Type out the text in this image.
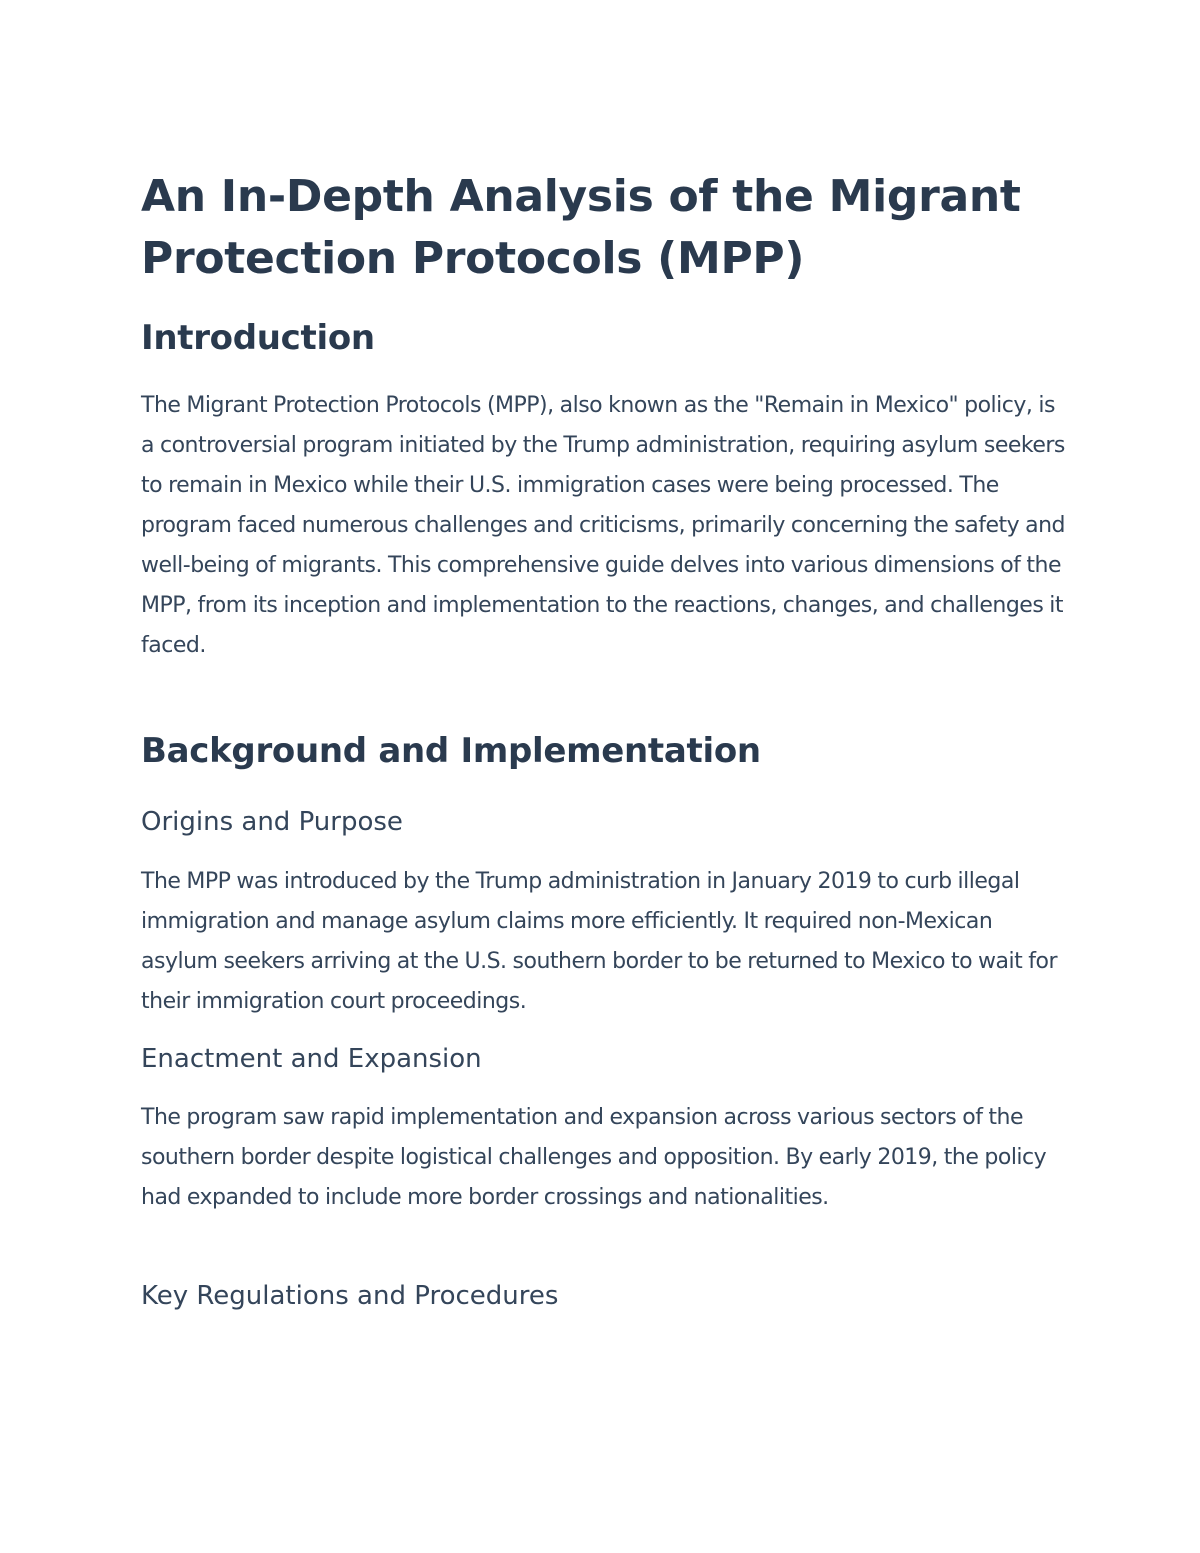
An In-Depth Analysis of the Migrant Protection Protocols (MPP)
Introduction

The Migrant Protection Protocols (MPP), also known as the "Remain in Mexico" policy, is a controversial program initiated by the Trump administration, requiring asylum seekers to remain in Mexico while their U.S. immigration cases were being processed. The program faced numerous challenges and criticisms, primarily concerning the safety and well-being of migrants. This comprehensive guide delves into various dimensions of the MPP, from its inception and implementation to the reactions, changes, and challenges it faced.

Background and Implementation
Origins and Purpose

The MPP was introduced by the Trump administration in January 2019 to curb illegal immigration and manage asylum claims more efficiently. It required non-Mexican asylum seekers arriving at the U.S. southern border to be returned to Mexico to wait for their immigration court proceedings.

Enactment and Expansion

The program saw rapid implementation and expansion across various sectors of the southern border despite logistical challenges and opposition. By early 2019, the policy had expanded to include more border crossings and nationalities.

Key Regulations and Procedures
